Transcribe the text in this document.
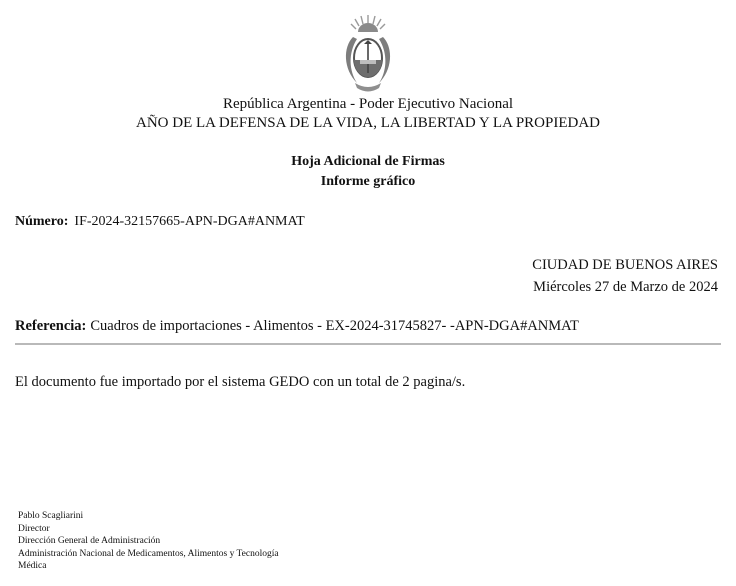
República Argentina - Poder Ejecutivo Nacional
AÑO DE LA DEFENSA DE LA VIDA, LA LIBERTAD Y LA PROPIEDAD
Hoja Adicional de Firmas
Informe gráfico
Número: IF-2024-32157665-APN-DGA#ANMAT
CIUDAD DE BUENOS AIRES
Miércoles 27 de Marzo de 2024
Referencia: Cuadros de importaciones - Alimentos - EX-2024-31745827- -APN-DGA#ANMAT
El documento fue importado por el sistema GEDO con un total de 2 pagina/s.
Pablo Scagliarini
Director
Dirección General de Administración
Administración Nacional de Medicamentos, Alimentos y Tecnología
Médica
